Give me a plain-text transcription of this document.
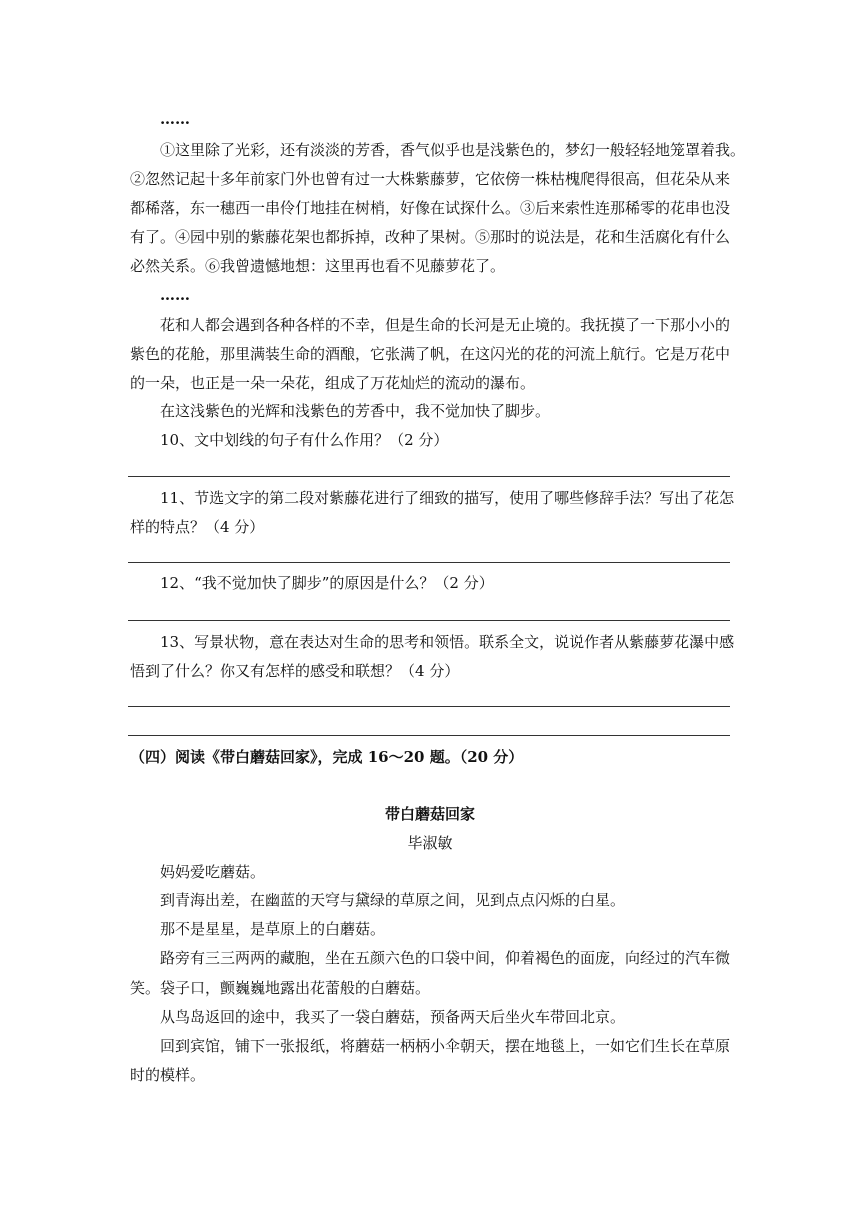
……
①这里除了光彩，还有淡淡的芳香，香气似乎也是浅紫色的，梦幻一般轻轻地笼罩着我。
②忽然记起十多年前家门外也曾有过一大株紫藤萝，它依傍一株枯槐爬得很高，但花朵从来
都稀落，东一穗西一串伶仃地挂在树梢，好像在试探什么。③后来索性连那稀零的花串也没
有了。④园中别的紫藤花架也都拆掉，改种了果树。⑤那时的说法是，花和生活腐化有什么
必然关系。⑥我曾遗憾地想：这里再也看不见藤萝花了。
……
花和人都会遇到各种各样的不幸，但是生命的长河是无止境的。我抚摸了一下那小小的
紫色的花舱，那里满装生命的酒酿，它张满了帆，在这闪光的花的河流上航行。它是万花中
的一朵，也正是一朵一朵花，组成了万花灿烂的流动的瀑布。
在这浅紫色的光辉和浅紫色的芳香中，我不觉加快了脚步。
10、文中划线的句子有什么作用？（2 分）
11、节选文字的第二段对紫藤花进行了细致的描写，使用了哪些修辞手法？写出了花怎
样的特点？（4 分）
12、“我不觉加快了脚步”的原因是什么？（2 分）
13、写景状物，意在表达对生命的思考和领悟。联系全文，说说作者从紫藤萝花瀑中感
悟到了什么？你又有怎样的感受和联想？（4 分）
（四）阅读《带白蘑菇回家》，完成 16～20 题。（20 分）
带白蘑菇回家
毕淑敏
妈妈爱吃蘑菇。
到青海出差，在幽蓝的天穹与黛绿的草原之间，见到点点闪烁的白星。
那不是星星，是草原上的白蘑菇。
路旁有三三两两的藏胞，坐在五颜六色的口袋中间，仰着褐色的面庞，向经过的汽车微
笑。袋子口，颤巍巍地露出花蕾般的白蘑菇。
从鸟岛返回的途中，我买了一袋白蘑菇，预备两天后坐火车带回北京。
回到宾馆，铺下一张报纸，将蘑菇一柄柄小伞朝天，摆在地毯上，一如它们生长在草原
时的模样。
